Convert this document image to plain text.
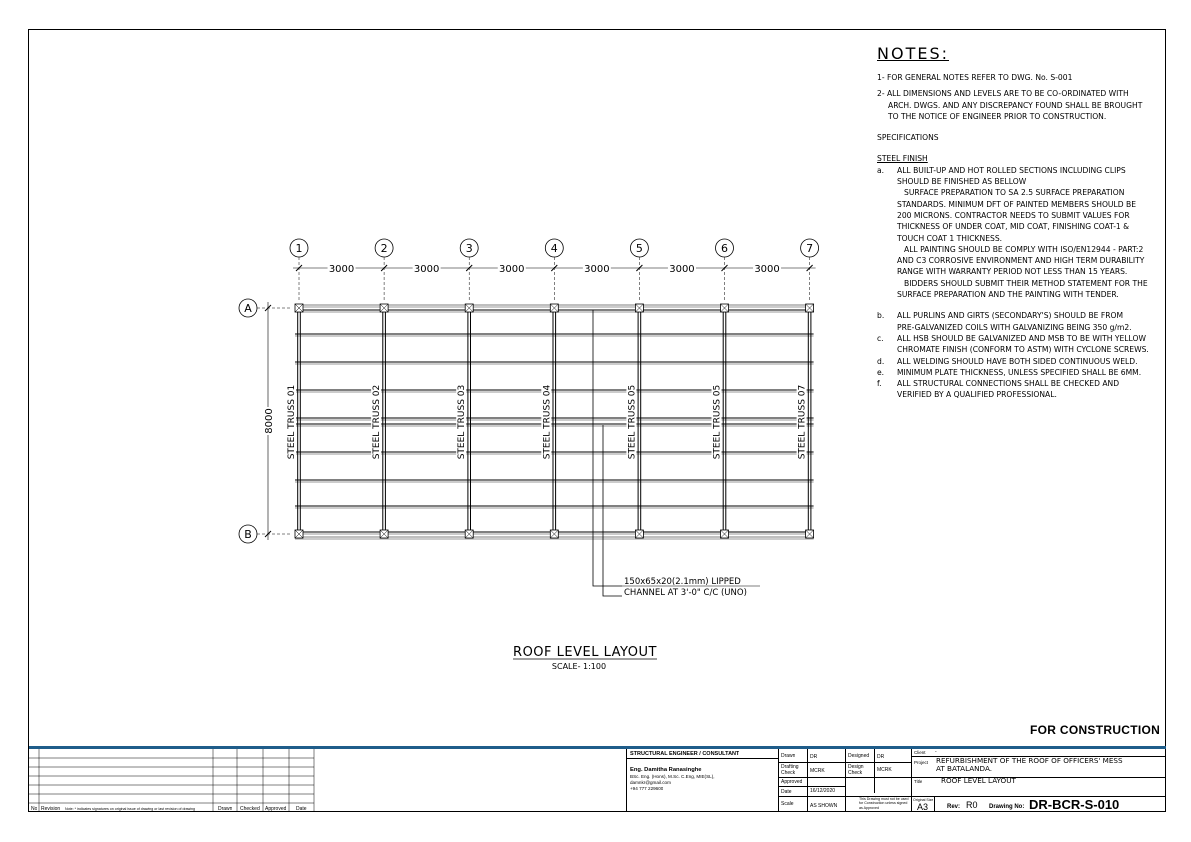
1	2	3	4	5	6	7
A
B
3000	3000	3000	3000	3000	3000
8000 STEEL TRUSS 01	STEEL TRUSS 02	STEEL TRUSS 03	STEEL TRUSS 04	STEEL TRUSS 05	STEEL TRUSS 05	STEEL TRUSS 07
150x65x20(2.1mm) LIPPED
CHANNEL AT 3'-0" C/C (UNO)
ROOF LEVEL LAYOUT
SCALE- 1:100
NOTES:

1- FOR GENERAL NOTES REFER TO DWG. No. S-001

2- ALL DIMENSIONS AND LEVELS ARE TO BE CO-ORDINATED WITH

ARCH. DWGS. AND ANY DISCREPANCY FOUND SHALL BE BROUGHT

TO THE NOTICE OF ENGINEER PRIOR TO CONSTRUCTION.

SPECIFICATIONS

STEEL FINISH

a.	ALL BUILT-UP AND HOT ROLLED SECTIONS INCLUDING CLIPS

SHOULD BE FINISHED AS BELLOW

SURFACE PREPARATION TO SA 2.5 SURFACE PREPARATION

STANDARDS. MINIMUM DFT OF PAINTED MEMBERS SHOULD BE

200 MICRONS. CONTRACTOR NEEDS TO SUBMIT VALUES FOR

THICKNESS OF UNDER COAT, MID COAT, FINISHING COAT-1 &

TOUCH COAT 1 THICKNESS.

ALL PAINTING SHOULD BE COMPLY WITH ISO/EN12944 - PART:2

AND C3 CORROSIVE ENVIRONMENT AND HIGH TERM DURABILITY

RANGE WITH WARRANTY PERIOD NOT LESS THAN 15 YEARS.

BIDDERS SHOULD SUBMIT THEIR METHOD STATEMENT FOR THE

SURFACE PREPARATION AND THE PAINTING WITH TENDER.

b.	ALL PURLINS AND GIRTS (SECONDARY'S) SHOULD BE FROM

PRE-GALVANIZED COILS WITH GALVANIZING BEING 350 g/m2.

c.	ALL HSB SHOULD BE GALVANIZED AND MSB TO BE WITH YELLOW

CHROMATE FINISH (CONFORM TO ASTM) WITH CYCLONE SCREWS.

d.	ALL WELDING SHOULD HAVE BOTH SIDED CONTINUOUS WELD.

e.	MINIMUM PLATE THICKNESS, UNLESS SPECIFIED SHALL BE 6MM.

f.	ALL STRUCTURAL CONNECTIONS SHALL BE CHECKED AND

VERIFIED BY A QUALIFIED PROFESSIONAL.

FOR CONSTRUCTION
No Revision Note: * indicates signatures on original issue of drawing or last revision of drawing	Drawn Checked Approved Date
STRUCTURAL ENGINEER / CONSULTANT
Eng. Damitha Ranasinghe
BSc. Eng. (Hons), M.Sc. C.Eng, MIE(SL),
damnkr@gmail.com
+94 777 229600
Drawn	DR	Designed DR
Drafting Check	MCRK
Design Check	MCRK
Approved
Date	16/12/2020
Scale	AS SHOWN
This Drawing must not be used for Construction unless signed as Approved
Client -
Project REFURBISHMENT OF THE ROOF OF OFFICERS' MESS
AT BATALANDA.
Title	ROOF LEVEL LAYOUT
Original Size
A3	Rev: R0 Drawing No: DR-BCR-S-010
